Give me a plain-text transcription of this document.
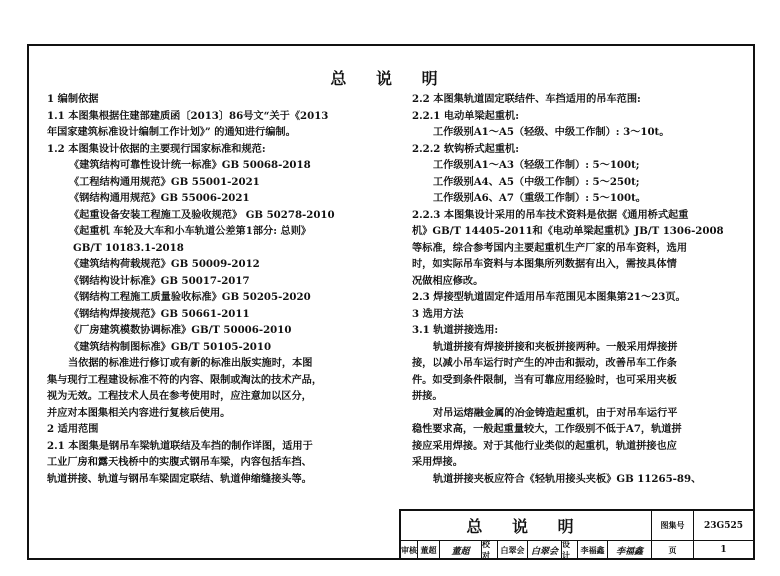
总 说 明
1 编制依据
1.1 本图集根据住建部建质函〔2013〕86号文“关于《2013
年国家建筑标准设计编制工作计划》” 的通知进行编制。
1.2 本图集设计依据的主要现行国家标准和规范:
《建筑结构可靠性设计统一标准》GB 50068-2018
《工程结构通用规范》GB 55001-2021
《钢结构通用规范》GB 55006-2021
《起重设备安装工程施工及验收规范》 GB 50278-2010
《起重机 车轮及大车和小车轨道公差第1部分: 总则》
GB/T 10183.1-2018
《建筑结构荷载规范》GB 50009-2012
《钢结构设计标准》GB 50017-2017
《钢结构工程施工质量验收标准》GB 50205-2020
《钢结构焊接规范》GB 50661-2011
《厂房建筑模数协调标准》GB/T 50006-2010
《建筑结构制图标准》GB/T 50105-2010
当依据的标准进行修订或有新的标准出版实施时，本图
集与现行工程建设标准不符的内容、限制或淘汰的技术产品，
视为无效。工程技术人员在参考使用时，应注意加以区分，
并应对本图集相关内容进行复核后使用。
2 适用范围
2.1 本图集是钢吊车梁轨道联结及车挡的制作详图，适用于
工业厂房和露天栈桥中的实腹式钢吊车梁，内容包括车挡、
轨道拼接、轨道与钢吊车梁固定联结、轨道伸缩缝接头等。
2.2 本图集轨道固定联结件、车挡适用的吊车范围:
2.2.1 电动单梁起重机:
工作级别A1～A5（轻级、中级工作制）: 3～10t。
2.2.2 软钩桥式起重机:
工作级别A1～A3（轻级工作制）: 5～100t;
工作级别A4、A5（中级工作制）: 5～250t;
工作级别A6、A7（重级工作制）: 5～100t。
2.2.3 本图集设计采用的吊车技术资料是依据《通用桥式起重
机》GB/T 14405-2011和《电动单梁起重机》JB/T 1306-2008
等标准，综合参考国内主要起重机生产厂家的吊车资料，选用
时，如实际吊车资料与本图集所列数据有出入，需按具体情
况做相应修改。
2.3 焊接型轨道固定件适用吊车范围见本图集第21～23页。
3 选用方法
3.1 轨道拼接选用:
轨道拼接有焊接拼接和夹板拼接两种。一般采用焊接拼
接，以减小吊车运行时产生的冲击和振动，改善吊车工作条
件。如受到条件限制，当有可靠应用经验时，也可采用夹板
拼接。
对吊运熔融金属的冶金铸造起重机，由于对吊车运行平
稳性要求高，一般起重量较大，工作级别不低于A7，轨道拼
接应采用焊接。对于其他行业类似的起重机，轨道拼接也应
采用焊接。
轨道拼接夹板应符合《轻轨用接头夹板》GB 11265-89、
总 说 明	图集号	23G525
页	1
审核 董超	董超
校对
白翠会 白翠会
设计
李福鑫	李福鑫
